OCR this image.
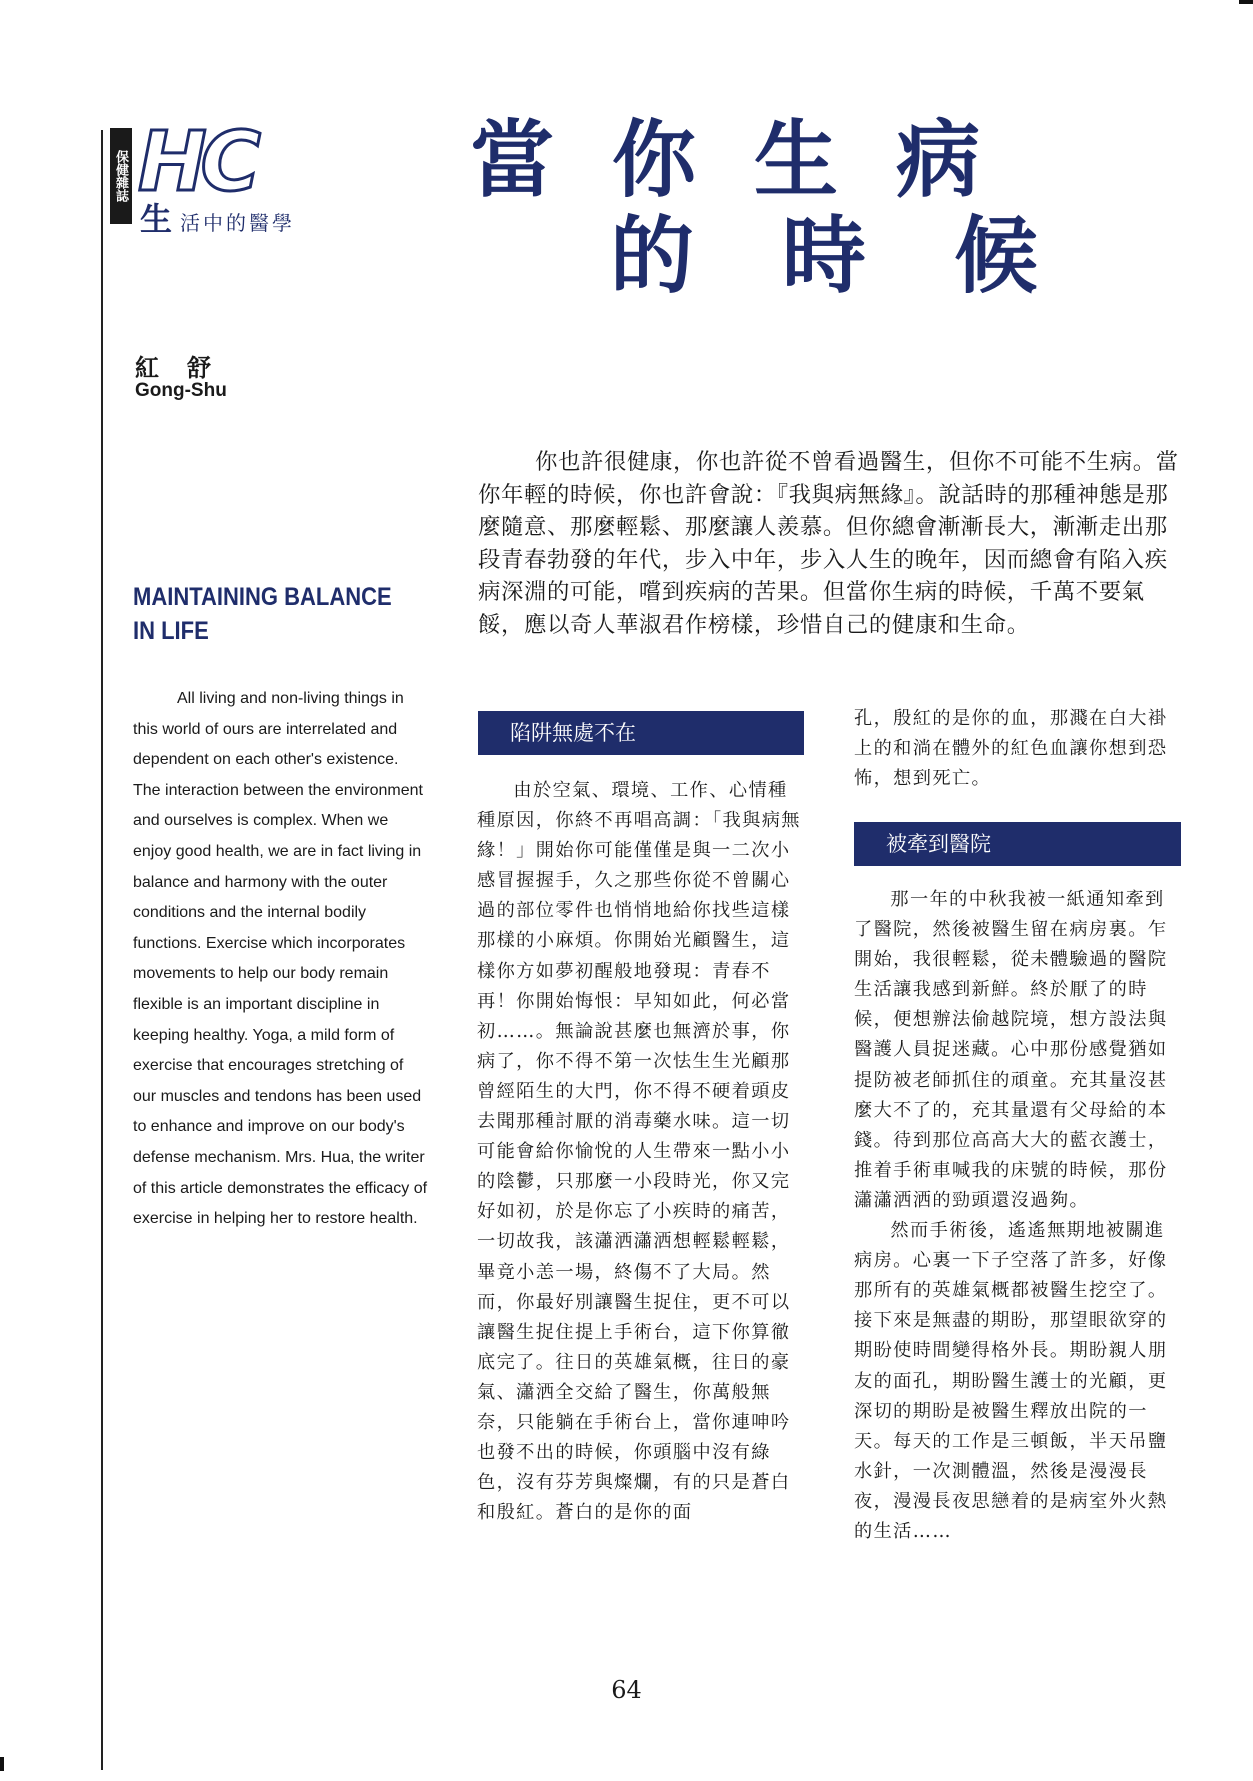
保健雜誌 HC
生活中的醫學
當你生病
的時候
紅舒
Gong-Shu
MAINTAINING BALANCE
IN LIFE
All living and non-living things in this world of ours are interrelated and dependent on each other's existence. The interaction between the environment and ourselves is complex. When we enjoy good health, we are in fact living in balance and harmony with the outer conditions and the internal bodily functions. Exercise which incorporates movements to help our body remain flexible is an important discipline in keeping healthy. Yoga, a mild form of exercise that encourages stretching of our muscles and tendons has been used to enhance and improve on our body's defense mechanism. Mrs. Hua, the writer of this article demonstrates the efficacy of exercise in helping her to restore health.
你也許很健康，你也許從不曾看過醫生，但你不可能不生病。當你年輕的時候，你也許會說：『我與病無緣』。說話時的那種神態是那麼隨意、那麼輕鬆、那麼讓人羨慕。但你總會漸漸長大，漸漸走出那段青春勃發的年代，步入中年，步入人生的晚年，因而總會有陷入疾病深淵的可能，嚐到疾病的苦果。但當你生病的時候，千萬不要氣餒，應以奇人華淑君作榜樣，珍惜自己的健康和生命。
陷阱無處不在

由於空氣、環境、工作、心情種種原因，你終不再唱高調：「我與病無緣！」開始你可能僅僅是與一二次小感冒握握手，久之那些你從不曾關心過的部位零件也悄悄地給你找些這樣那樣的小麻煩。你開始光顧醫生，這樣你方如夢初醒般地發現：青春不再！你開始悔恨：早知如此，何必當初……。無論說甚麼也無濟於事，你病了，你不得不第一次怯生生光顧那曾經陌生的大門，你不得不硬着頭皮去聞那種討厭的消毒藥水味。這一切可能會給你愉悅的人生帶來一點小小的陰鬱，只那麼一小段時光，你又完好如初，於是你忘了小疾時的痛苦，一切故我，該瀟洒瀟洒想輕鬆輕鬆，畢竟小恙一場，終傷不了大局。然而，你最好別讓醫生捉住，更不可以讓醫生捉住提上手術台，這下你算徹底完了。往日的英雄氣概，往日的豪氣、瀟洒全交給了醫生，你萬般無奈，只能躺在手術台上，當你連呻吟也發不出的時候，你頭腦中沒有綠色，沒有芬芳與燦爛，有的只是蒼白和殷紅。蒼白的是你的面

孔，殷紅的是你的血，那濺在白大褂上的和淌在體外的紅色血讓你想到恐怖，想到死亡。

被牽到醫院

那一年的中秋我被一紙通知牽到了醫院，然後被醫生留在病房裏。乍開始，我很輕鬆，從未體驗過的醫院生活讓我感到新鮮。終於厭了的時候，便想辦法偷越院境，想方設法與醫護人員捉迷藏。心中那份感覺猶如提防被老師抓住的頑童。充其量沒甚麼大不了的，充其量還有父母給的本錢。待到那位高高大大的藍衣護士，推着手術車喊我的床號的時候，那份瀟瀟洒洒的勁頭還沒過夠。

然而手術後，遙遙無期地被關進病房。心裏一下子空落了許多，好像那所有的英雄氣概都被醫生挖空了。接下來是無盡的期盼，那望眼欲穿的期盼使時間變得格外長。期盼親人朋友的面孔，期盼醫生護士的光顧，更深切的期盼是被醫生釋放出院的一天。每天的工作是三頓飯，半天吊鹽水針，一次測體溫，然後是漫漫長夜，漫漫長夜思戀着的是病室外火熱的生活……

64
